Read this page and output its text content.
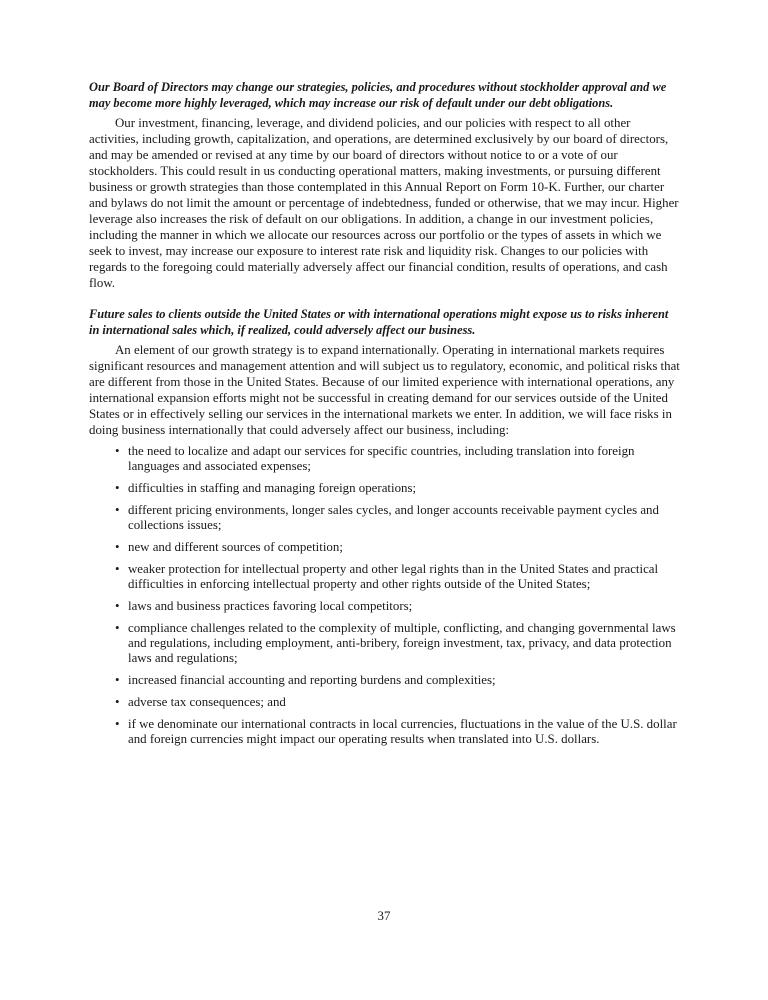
Our Board of Directors may change our strategies, policies, and procedures without stockholder approval and we may become more highly leveraged, which may increase our risk of default under our debt obligations.

Our investment, financing, leverage, and dividend policies, and our policies with respect to all other activities, including growth, capitalization, and operations, are determined exclusively by our board of directors, and may be amended or revised at any time by our board of directors without notice to or a vote of our stockholders. This could result in us conducting operational matters, making investments, or pursuing different business or growth strategies than those contemplated in this Annual Report on Form 10-K. Further, our charter and bylaws do not limit the amount or percentage of indebtedness, funded or otherwise, that we may incur. Higher leverage also increases the risk of default on our obligations. In addition, a change in our investment policies, including the manner in which we allocate our resources across our portfolio or the types of assets in which we seek to invest, may increase our exposure to interest rate risk and liquidity risk. Changes to our policies with regards to the foregoing could materially adversely affect our financial condition, results of operations, and cash flow.

Future sales to clients outside the United States or with international operations might expose us to risks inherent in international sales which, if realized, could adversely affect our business.

An element of our growth strategy is to expand internationally. Operating in international markets requires significant resources and management attention and will subject us to regulatory, economic, and political risks that are different from those in the United States. Because of our limited experience with international operations, any international expansion efforts might not be successful in creating demand for our services outside of the United States or in effectively selling our services in the international markets we enter. In addition, we will face risks in doing business internationally that could adversely affect our business, including:

• the need to localize and adapt our services for specific countries, including translation into foreign languages and associated expenses;
• difficulties in staffing and managing foreign operations;
• different pricing environments, longer sales cycles, and longer accounts receivable payment cycles and collections issues;
• new and different sources of competition;
• weaker protection for intellectual property and other legal rights than in the United States and practical difficulties in enforcing intellectual property and other rights outside of the United States;
• laws and business practices favoring local competitors;
• compliance challenges related to the complexity of multiple, conflicting, and changing governmental laws and regulations, including employment, anti-bribery, foreign investment, tax, privacy, and data protection laws and regulations;
• increased financial accounting and reporting burdens and complexities;
• adverse tax consequences; and
• if we denominate our international contracts in local currencies, fluctuations in the value of the U.S. dollar and foreign currencies might impact our operating results when translated into U.S. dollars.
37
